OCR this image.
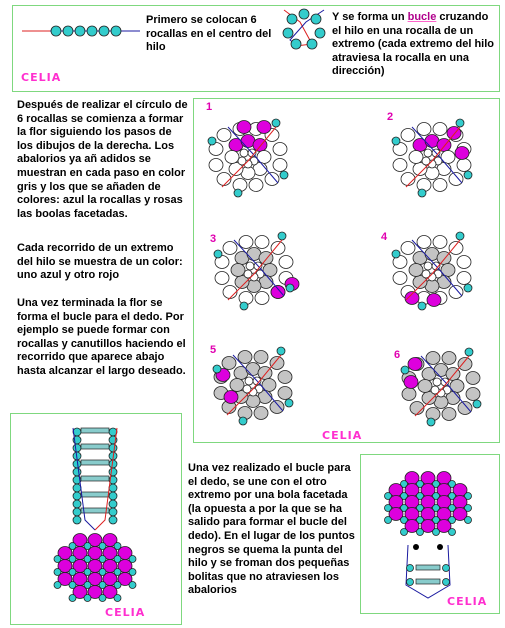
CELIA
Primero se colocan 6 rocallas en el centro del hilo
Y se forma un bucle cruzando el hilo en una rocalla de un extremo (cada extremo del hilo atraviesa la rocalla en una dirección)
Después de realizar el círculo de 6 rocallas se comienza a formar la flor siguiendo los pasos de los dibujos de la derecha. Los abalorios ya añ adidos se muestran en cada paso en color gris y los que se añaden de colores: azul la rocallas y rosas las boolas facetadas.
Cada recorrido de un extremo del hilo se muestra de un color: uno azul y otro rojo
Una vez terminada la flor se forma el bucle para el dedo. Por ejemplo se puede formar con rocallas y canutillos haciendo el recorrido que aparece abajo hasta alcanzar el largo deseado.
CELIA
1
2
3	4
5	6
CELIA
Una vez realizado el bucle para el dedo, se une con el otro extremo por una bola facetada (la opuesta a por la que se ha salido para formar el bucle del dedo). En el lugar de los puntos negros se quema la punta del hilo y se froman dos pequeñas bolitas que no atraviesen los abalorios
CELIA
